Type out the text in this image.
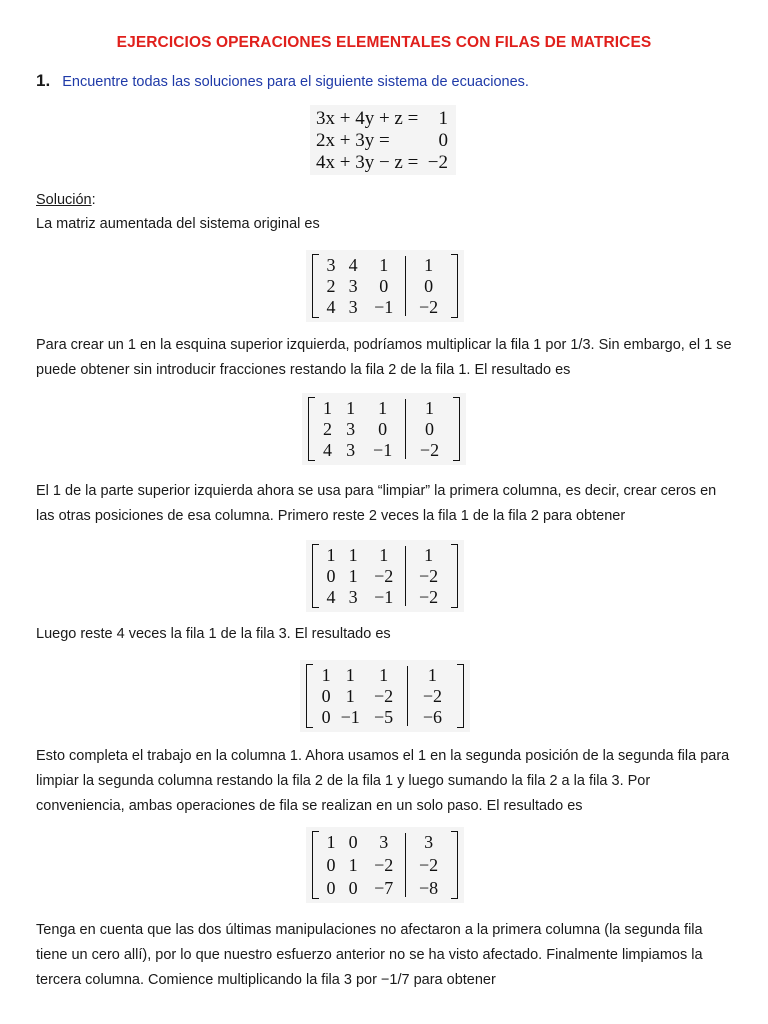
EJERCICIOS OPERACIONES ELEMENTALES CON FILAS DE MATRICES
1. Encuentre todas las soluciones para el siguiente sistema de ecuaciones.
3x + 4y + z =	1
2x + 3y =	0
4x + 3y − z = −2
Solución:
La matriz aumentada del sistema original es
3 4	1	1
2 3	0	0
4 3 −1	−2
Para crear un 1 en la esquina superior izquierda, podríamos multiplicar la fila 1 por 1/3. Sin embargo, el 1 se puede obtener sin introducir fracciones restando la fila 2 de la fila 1. El resultado es
1 1	1	1
2 3	0	0
4 3 −1	−2
El 1 de la parte superior izquierda ahora se usa para “limpiar” la primera columna, es decir, crear ceros en las otras posiciones de esa columna. Primero reste 2 veces la fila 1 de la fila 2 para obtener
1 1	1	1
0 1 −2	−2
4 3 −1	−2
Luego reste 4 veces la fila 1 de la fila 3. El resultado es
1 1	1	1
0 1	−2	−2
0 −1 −5	−6
Esto completa el trabajo en la columna 1. Ahora usamos el 1 en la segunda posición de la segunda fila para limpiar la segunda columna restando la fila 2 de la fila 1 y luego sumando la fila 2 a la fila 3. Por conveniencia, ambas operaciones de fila se realizan en un solo paso. El resultado es
1 0	3	3
0 1 −2	−2
0 0 −7	−8
Tenga en cuenta que las dos últimas manipulaciones no afectaron a la primera columna (la segunda fila tiene un cero allí), por lo que nuestro esfuerzo anterior no se ha visto afectado. Finalmente limpiamos la tercera columna. Comience multiplicando la fila 3 por −1/7 para obtener
